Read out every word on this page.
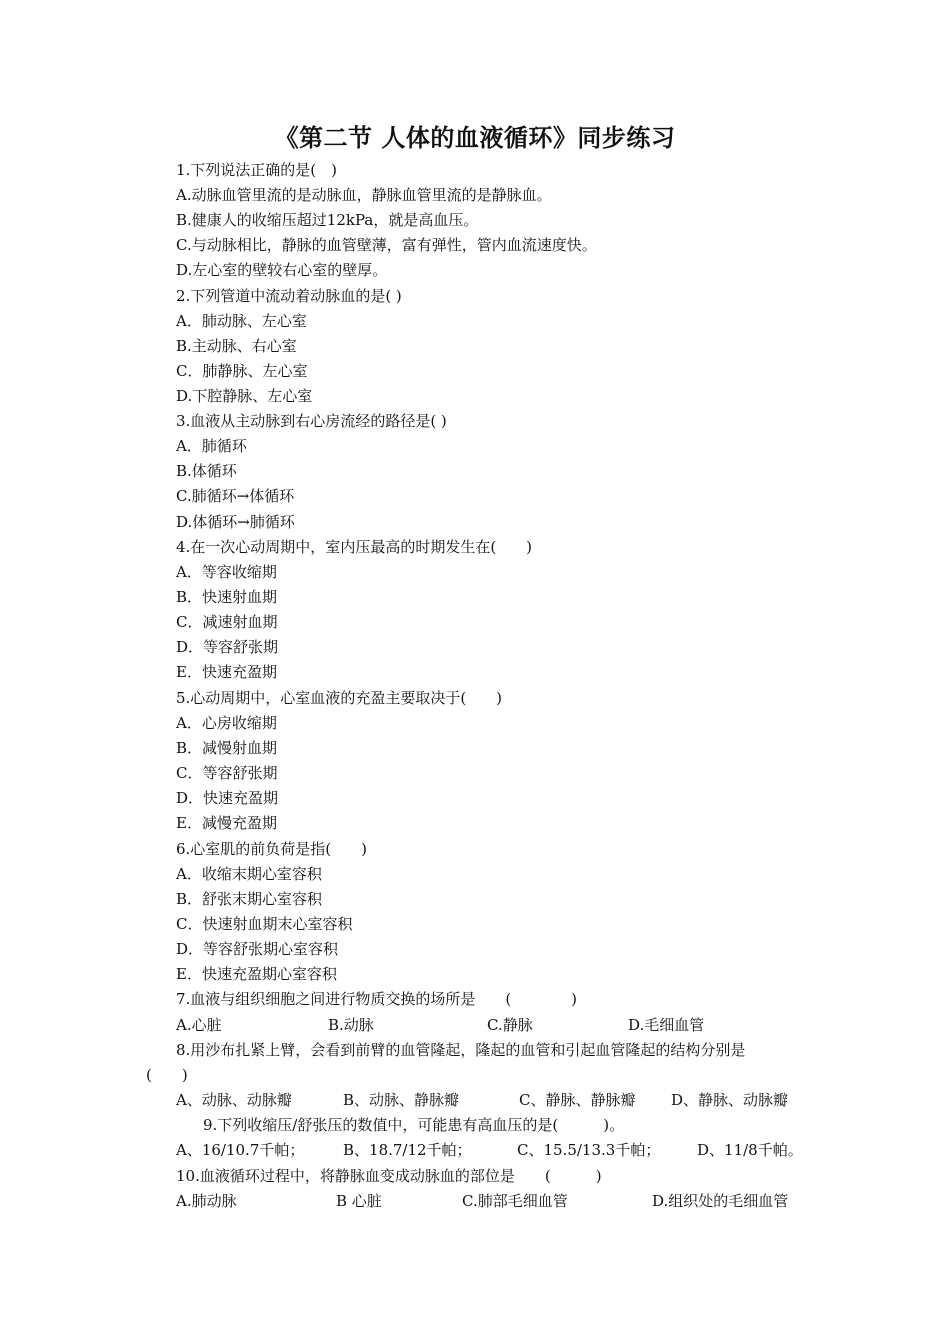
《第二节 人体的血液循环》同步练习
1.下列说法正确的是(　)
A.动脉血管里流的是动脉血，静脉血管里流的是静脉血。
B.健康人的收缩压超过12kPa，就是高血压。
C.与动脉相比，静脉的血管壁薄，富有弹性，管内血流速度快。
D.左心室的壁较右心室的壁厚。
2.下列管道中流动着动脉血的是( )
A．肺动脉、左心室
B.主动脉、右心室
C．肺静脉、左心室
D.下腔静脉、左心室
3.血液从主动脉到右心房流经的路径是( )
A．肺循环
B.体循环
C.肺循环→体循环
D.体循环→肺循环
4.在一次心动周期中，室内压最高的时期发生在(　　)
A．等容收缩期
B．快速射血期
C．减速射血期
D．等容舒张期
E．快速充盈期
5.心动周期中，心室血液的充盈主要取决于(　　)
A．心房收缩期
B．减慢射血期
C．等容舒张期
D．快速充盈期
E．减慢充盈期
6.心室肌的前负荷是指(　　)
A．收缩末期心室容积
B．舒张末期心室容积
C．快速射血期末心室容积
D．等容舒张期心室容积
E．快速充盈期心室容积
7.血液与组织细胞之间进行物质交换的场所是　　(　　　　)
A.心脏	B.动脉	C.静脉	D.毛细血管
8.用沙布扎紧上臂，会看到前臂的血管隆起，隆起的血管和引起血管隆起的结构分别是
(　　)
A、动脉、动脉瓣	B、动脉、静脉瓣	C、静脉、静脉瓣 D、静脉、动脉瓣
9.下列收缩压/舒张压的数值中，可能患有高血压的是(　　　)。
A、16/10.7千帕；	B、18.7/12千帕；	C、15.5/13.3千帕； D、11/8千帕。
10.血液循环过程中，将静脉血变成动脉血的部位是　　(　　　)
A.肺动脉	B 心脏	C.肺部毛细血管	D.组织处的毛细血管
